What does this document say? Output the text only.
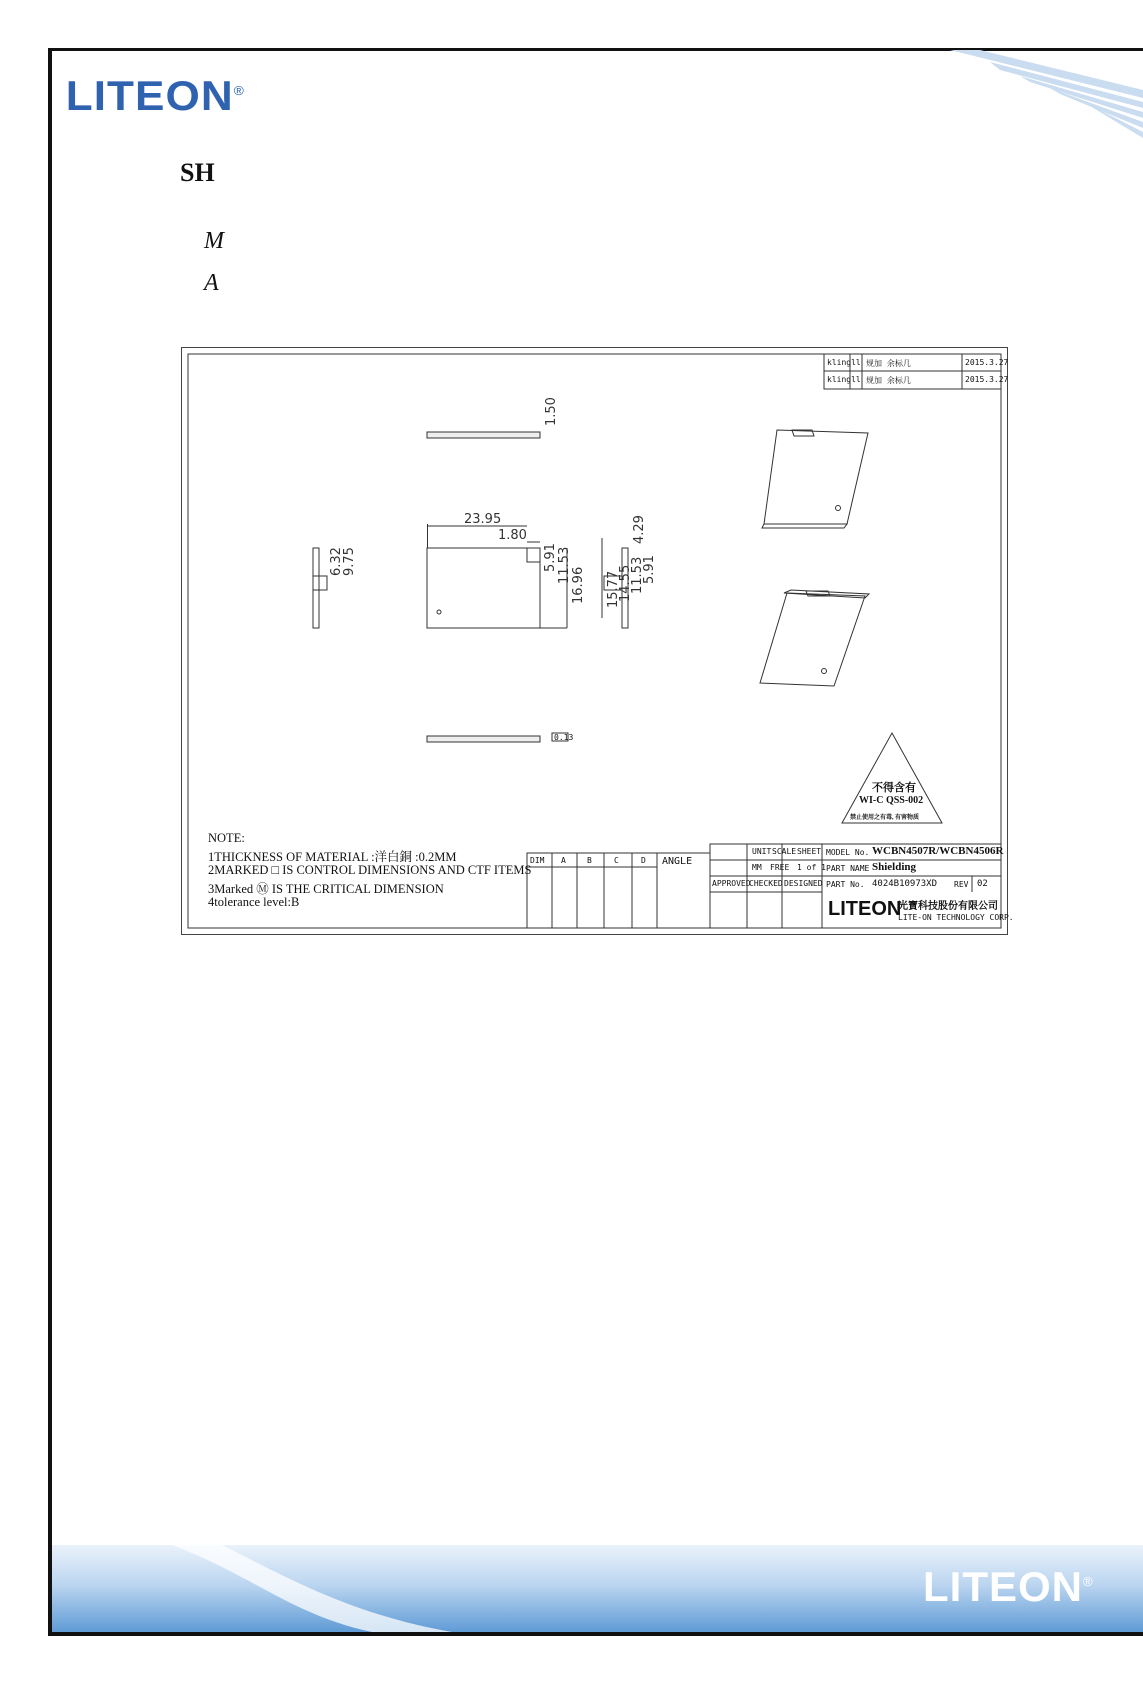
LITEON®
SH
M
A
klingll 规加 余标几	2015.3.27
klingll 规加 余标几	2015.3.27
1.50
23.95
1.80
5.91 11.53
16.96
6.32
9.75
4.29
15.77
14.55
11.53
5.91
0.13
不得含有
WI-C QSS-002
禁止使用之有毒, 有害物质
NOTE:
1THICKNESS OF MATERIAL :洋白銅 :0.2MM
2MARKED □ IS CONTROL DIMENSIONS AND CTF ITEMS
3Marked Ⓜ IS THE CRITICAL DIMENSION
4tolerance level:B
DIM A	B	C	D ANGLE
UNIT SCALE SHEET
MM FREE 1 of 1
APPROVED
CHECKED DESIGNED
MODEL No. WCBN4507R/WCBN4506R
PART NAME Shielding
PART No. 4024B10973XD REV 02
LITEON
光寶科技股份有限公司
LITE-ON TECHNOLOGY CORP.
LITEON®
